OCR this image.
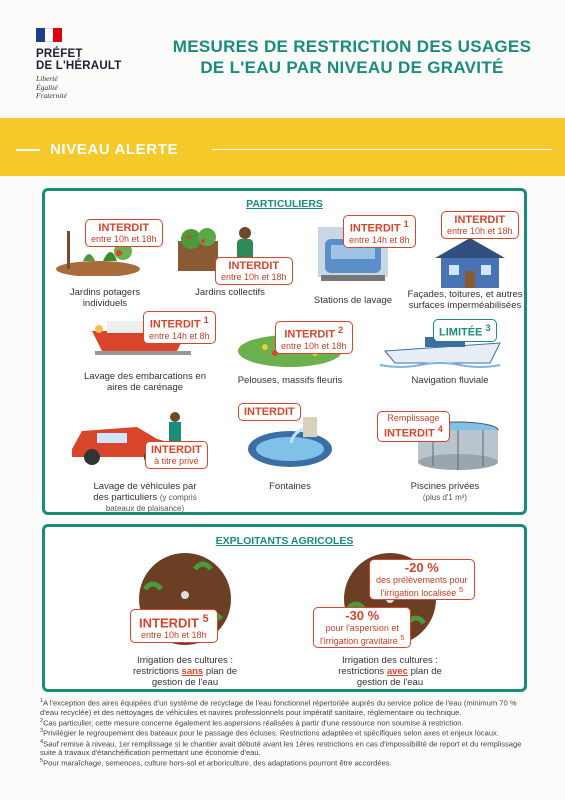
PRÉFET
DE L'HÉRAULT
Liberté
Égalité
Fraternité
MESURES DE RESTRICTION DES USAGES
DE L'EAU PAR NIVEAU DE GRAVITÉ
NIVEAU ALERTE
PARTICULIERS
INTERDIT
entre 10h et 18h
INTERDIT
entre 10h et 18h
INTERDIT $^1$
entre 14h et 8h
INTERDIT
entre 10h et 18h
Jardins potagers
individuels
Jardins collectifs
Stations de lavage
Façades, toitures, et autres
surfaces imperméabilisées
INTERDIT $^1$
entre 14h et 8h	INTERDIT $^2$
entre 10h et 18h
LIMITÉE $^3$
Lavage des embarcations en
aires de carénage
Pelouses, massifs fleuris	Navigation fluviale
INTERDIT
à titre privé
INTERDIT	Remplissage
INTERDIT $^4$
Lavage de véhicules par
des particuliers (y compris
bateaux de plaisance)
Fontaines	Piscines privées
(plus d'1 m³)
EXPLOITANTS AGRICOLES
INTERDIT $^5$
entre 10h et 18h
-20 %
des prélèvements pour
l'irrigation localisée $^5$
-30 %
pour l'aspersion et
l'irrigation gravitaire $^5$
Irrigation des cultures :
restrictions sans plan de
gestion de l'eau
Irrigation des cultures :
restrictions avec plan de
gestion de l'eau

$^1$A l'exception des aires équipées d'un système de recyclage de l'eau fonctionnel répertoriée auprès du service police de l'eau (minimum 70 % d'eau recyclée) et des nettoyages de véhicules et navires professionnels pour impératif sanitaire, réglementaire ou technique.

$^2$Cas particulier, cette mesure concerne également les aspersions réalisées à partir d'une ressource non soumise à restriction.

$^3$Privilégier le regroupement des bateaux pour le passage des écluses. Restrictions adaptées et spécifiques selon axes et enjeux locaux.

$^4$Sauf remise à niveau, 1er remplissage si le chantier avait débuté avant les 1ères restrictions en cas d'impossibilité de report et du remplissage suite à travaux d'étanchéification permettant une économie d'eau.

$^5$Pour maraîchage, semences, culture hors-sol et arboriculture, des adaptations pourront être accordées.
